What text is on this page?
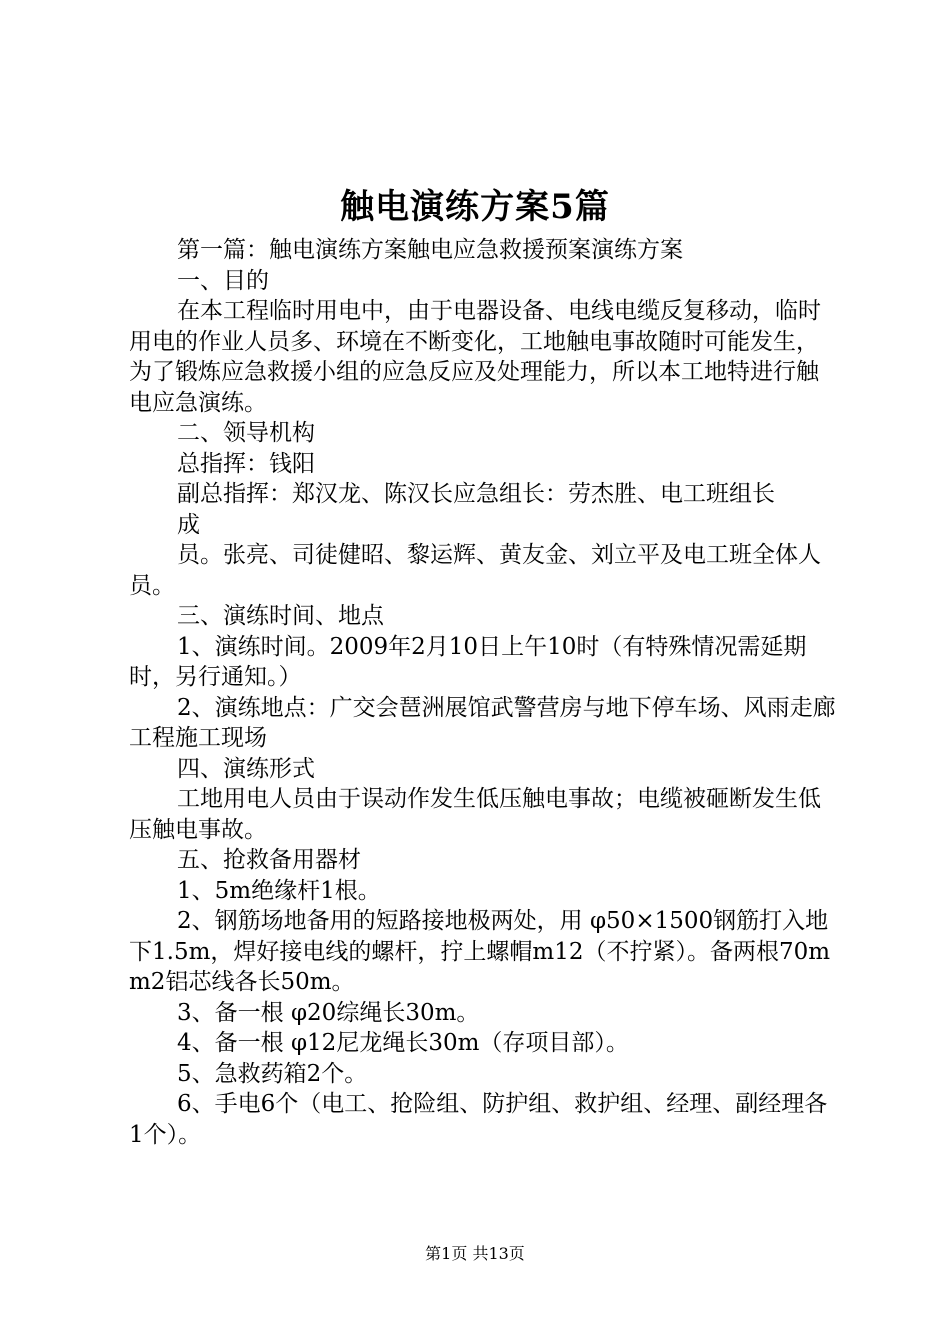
触电演练方案5篇

第一篇：触电演练方案触电应急救援预案演练方案

一、目的

在本工程临时用电中，由于电器设备、电线电缆反复移动，临时用电的作业人员多、环境在不断变化，工地触电事故随时可能发生，为了锻炼应急救援小组的应急反应及处理能力，所以本工地特进行触电应急演练。

二、领导机构

总指挥：钱阳

副总指挥：郑汉龙、陈汉长应急组长：劳杰胜、电工班组长

成

员。张亮、司徒健昭、黎运辉、黄友金、刘立平及电工班全体人员。

三、演练时间、地点

1、演练时间。2009年2月10日上午10时（有特殊情况需延期时，另行通知。）

2、演练地点：广交会琶洲展馆武警营房与地下停车场、风雨走廊工程施工现场

四、演练形式

工地用电人员由于误动作发生低压触电事故；电缆被砸断发生低压触电事故。

五、抢救备用器材

1、5m绝缘杆1根。

2、钢筋场地备用的短路接地极两处，用 φ50×1500钢筋打入地下1.5m，焊好接电线的螺杆，拧上螺帽m12（不拧紧）。备两根70mm2铝芯线各长50m。

3、备一根 φ20综绳长30m。

4、备一根 φ12尼龙绳长30m（存项目部）。

5、急救药箱2个。

6、手电6个（电工、抢险组、防护组、救护组、经理、副经理各1个）。

第1页 共13页
